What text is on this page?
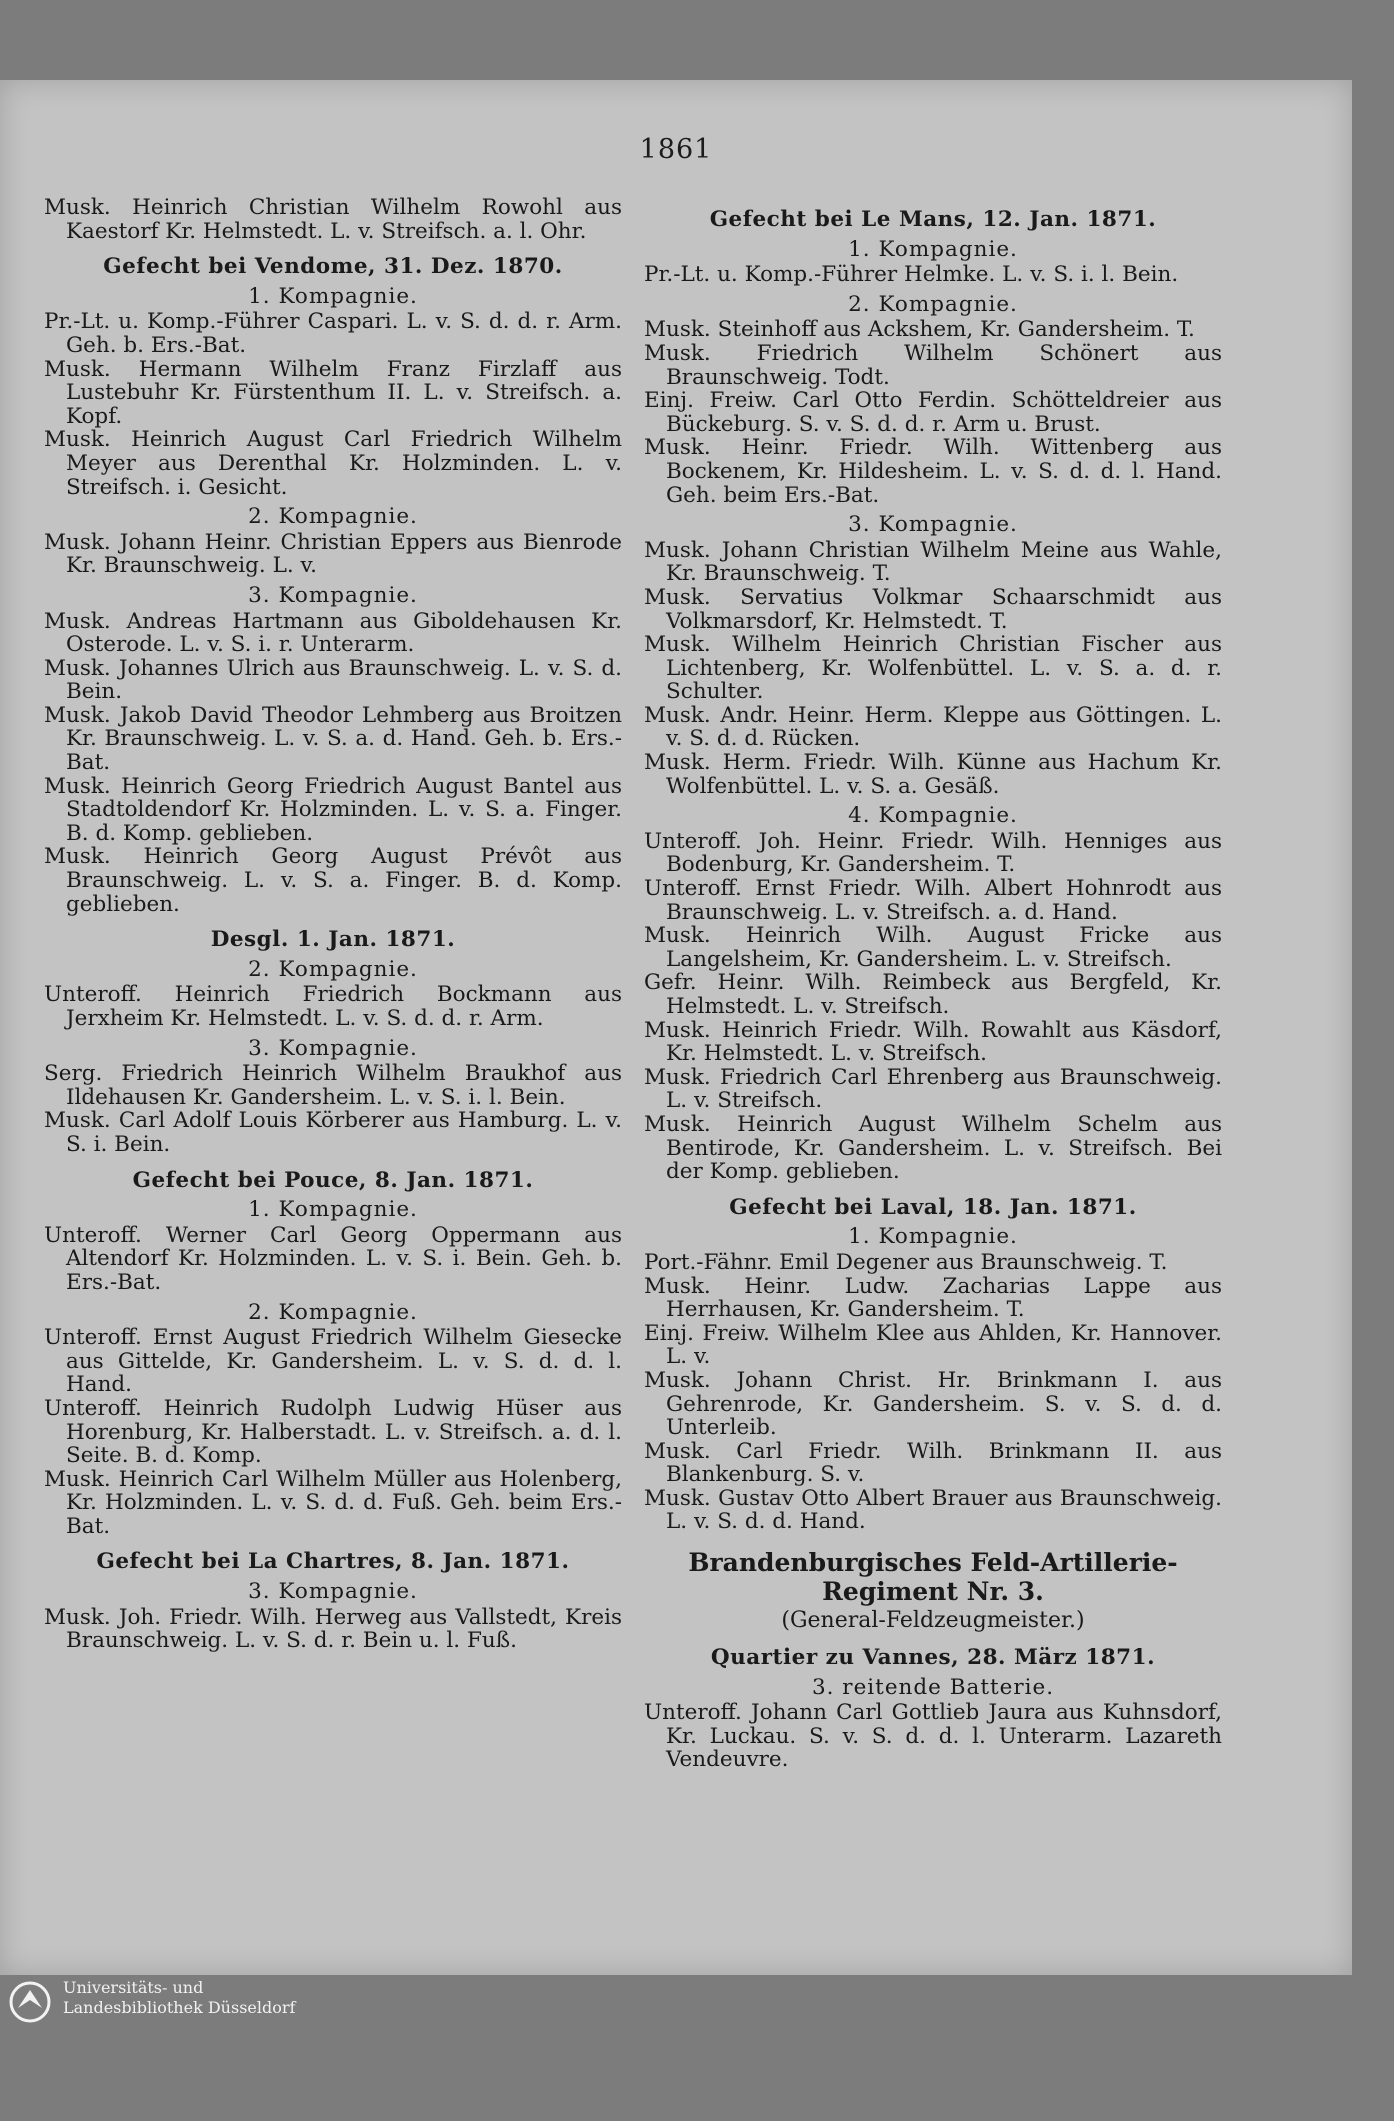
1861

Musk. Heinrich Christian Wilhelm Rowohl aus Kaestorf Kr. Helmstedt. L. v. Streifsch. a. l. Ohr.

Gefecht bei Vendome, 31. Dez. 1870.

1. Kompagnie.

Pr.-Lt. u. Komp.-Führer Caspari. L. v. S. d. d. r. Arm. Geh. b. Ers.-Bat.

Musk. Hermann Wilhelm Franz Firzlaff aus Lustebuhr Kr. Fürstenthum II. L. v. Streifsch. a. Kopf.

Musk. Heinrich August Carl Friedrich Wilhelm Meyer aus Derenthal Kr. Holzminden. L. v. Streifsch. i. Gesicht.

2. Kompagnie.

Musk. Johann Heinr. Christian Eppers aus Bienrode Kr. Braunschweig. L. v.

3. Kompagnie.

Musk. Andreas Hartmann aus Giboldehausen Kr. Osterode. L. v. S. i. r. Unterarm.

Musk. Johannes Ulrich aus Braunschweig. L. v. S. d. Bein.

Musk. Jakob David Theodor Lehmberg aus Broitzen Kr. Braunschweig. L. v. S. a. d. Hand. Geh. b. Ers.-Bat.

Musk. Heinrich Georg Friedrich August Bantel aus Stadtoldendorf Kr. Holzminden. L. v. S. a. Finger. B. d. Komp. geblieben.

Musk. Heinrich Georg August Prévôt aus Braunschweig. L. v. S. a. Finger. B. d. Komp. geblieben.

Desgl. 1. Jan. 1871.

2. Kompagnie.

Unteroff. Heinrich Friedrich Bockmann aus Jerxheim Kr. Helmstedt. L. v. S. d. d. r. Arm.

3. Kompagnie.

Serg. Friedrich Heinrich Wilhelm Braukhof aus Ildehausen Kr. Gandersheim. L. v. S. i. l. Bein.

Musk. Carl Adolf Louis Körberer aus Hamburg. L. v. S. i. Bein.

Gefecht bei Pouce, 8. Jan. 1871.

1. Kompagnie.

Unteroff. Werner Carl Georg Oppermann aus Altendorf Kr. Holzminden. L. v. S. i. Bein. Geh. b. Ers.-Bat.

2. Kompagnie.

Unteroff. Ernst August Friedrich Wilhelm Giesecke aus Gittelde, Kr. Gandersheim. L. v. S. d. d. l. Hand.

Unteroff. Heinrich Rudolph Ludwig Hüser aus Horenburg, Kr. Halberstadt. L. v. Streifsch. a. d. l. Seite. B. d. Komp.

Musk. Heinrich Carl Wilhelm Müller aus Holenberg, Kr. Holzminden. L. v. S. d. d. Fuß. Geh. beim Ers.-Bat.

Gefecht bei La Chartres, 8. Jan. 1871.

3. Kompagnie.

Musk. Joh. Friedr. Wilh. Herweg aus Vallstedt, Kreis Braunschweig. L. v. S. d. r. Bein u. l. Fuß.

Gefecht bei Le Mans, 12. Jan. 1871.

1. Kompagnie.

Pr.-Lt. u. Komp.-Führer Helmke. L. v. S. i. l. Bein.

2. Kompagnie.

Musk. Steinhoff aus Ackshem, Kr. Gandersheim. T.

Musk. Friedrich Wilhelm Schönert aus Braunschweig. Todt.

Einj. Freiw. Carl Otto Ferdin. Schötteldreier aus Bückeburg. S. v. S. d. d. r. Arm u. Brust.

Musk. Heinr. Friedr. Wilh. Wittenberg aus Bockenem, Kr. Hildesheim. L. v. S. d. d. l. Hand. Geh. beim Ers.-Bat.

3. Kompagnie.

Musk. Johann Christian Wilhelm Meine aus Wahle, Kr. Braunschweig. T.

Musk. Servatius Volkmar Schaarschmidt aus Volkmarsdorf, Kr. Helmstedt. T.

Musk. Wilhelm Heinrich Christian Fischer aus Lichtenberg, Kr. Wolfenbüttel. L. v. S. a. d. r. Schulter.

Musk. Andr. Heinr. Herm. Kleppe aus Göttingen. L. v. S. d. d. Rücken.

Musk. Herm. Friedr. Wilh. Künne aus Hachum Kr. Wolfenbüttel. L. v. S. a. Gesäß.

4. Kompagnie.

Unteroff. Joh. Heinr. Friedr. Wilh. Henniges aus Bodenburg, Kr. Gandersheim. T.

Unteroff. Ernst Friedr. Wilh. Albert Hohnrodt aus Braunschweig. L. v. Streifsch. a. d. Hand.

Musk. Heinrich Wilh. August Fricke aus Langelsheim, Kr. Gandersheim. L. v. Streifsch.

Gefr. Heinr. Wilh. Reimbeck aus Bergfeld, Kr. Helmstedt. L. v. Streifsch.

Musk. Heinrich Friedr. Wilh. Rowahlt aus Käsdorf, Kr. Helmstedt. L. v. Streifsch.

Musk. Friedrich Carl Ehrenberg aus Braunschweig. L. v. Streifsch.

Musk. Heinrich August Wilhelm Schelm aus Bentirode, Kr. Gandersheim. L. v. Streifsch. Bei der Komp. geblieben.

Gefecht bei Laval, 18. Jan. 1871.

1. Kompagnie.

Port.-Fähnr. Emil Degener aus Braunschweig. T.

Musk. Heinr. Ludw. Zacharias Lappe aus Herrhausen, Kr. Gandersheim. T.

Einj. Freiw. Wilhelm Klee aus Ahlden, Kr. Hannover. L. v.

Musk. Johann Christ. Hr. Brinkmann I. aus Gehrenrode, Kr. Gandersheim. S. v. S. d. d. Unterleib.

Musk. Carl Friedr. Wilh. Brinkmann II. aus Blankenburg. S. v.

Musk. Gustav Otto Albert Brauer aus Braunschweig. L. v. S. d. d. Hand.

Brandenburgisches Feld-Artillerie-Regiment Nr. 3.

(General-Feldzeugmeister.)

Quartier zu Vannes, 28. März 1871.

3. reitende Batterie.

Unteroff. Johann Carl Gottlieb Jaura aus Kuhnsdorf, Kr. Luckau. S. v. S. d. d. l. Unterarm. Lazareth Vendeuvre.

Universitäts- und
Landesbibliothek Düsseldorf
